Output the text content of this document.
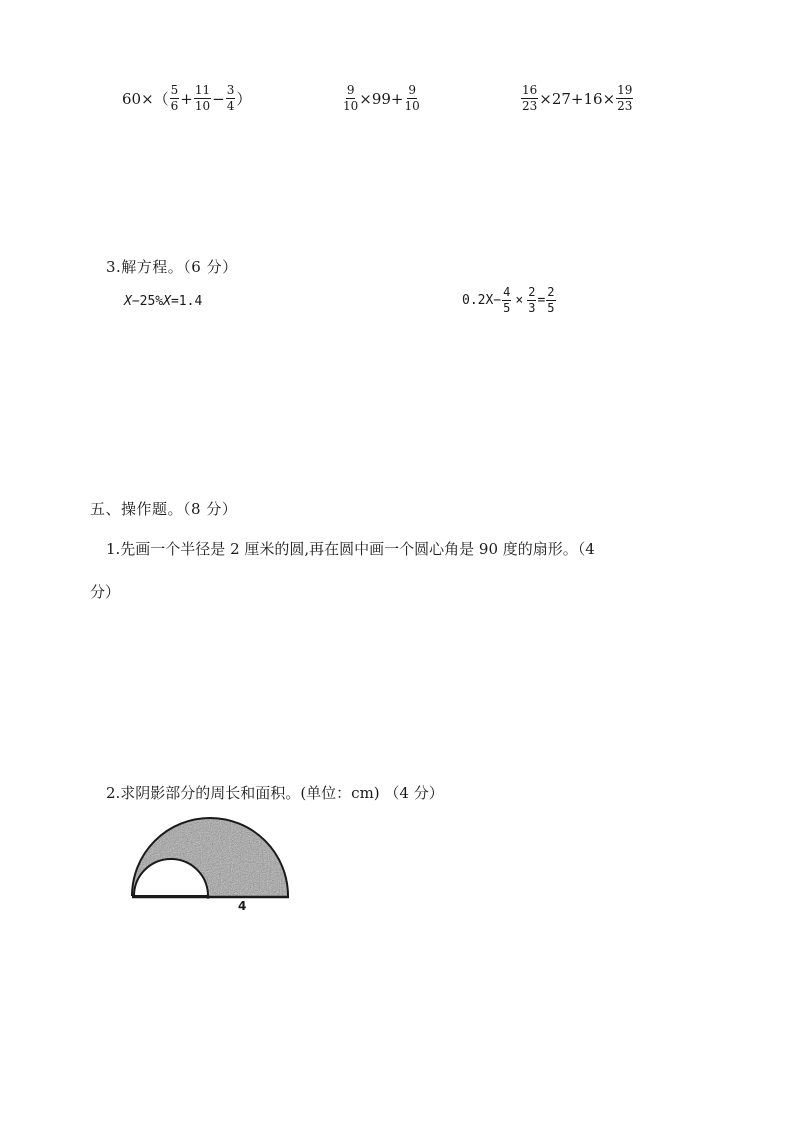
$60\times( \frac{5}{6} + \frac{11}{10} - \frac{3}{4}$ ）	$\frac{9}{10} \times 99+ \frac{9}{10}$	$\frac{16}{23} \times 27+16\times \frac{19}{23}$
3.解方程。（6 分）
X−25%X=1.4	$0.2X- \frac{4}{5} \times \frac{2}{3} = \frac{2}{5}$
五、操作题。（8 分）
1.先画一个半径是 2 厘米的圆,再在圆中画一个圆心角是 90 度的扇形。（4
分）
2.求阴影部分的周长和面积。(单位：cm) （4 分）
4
